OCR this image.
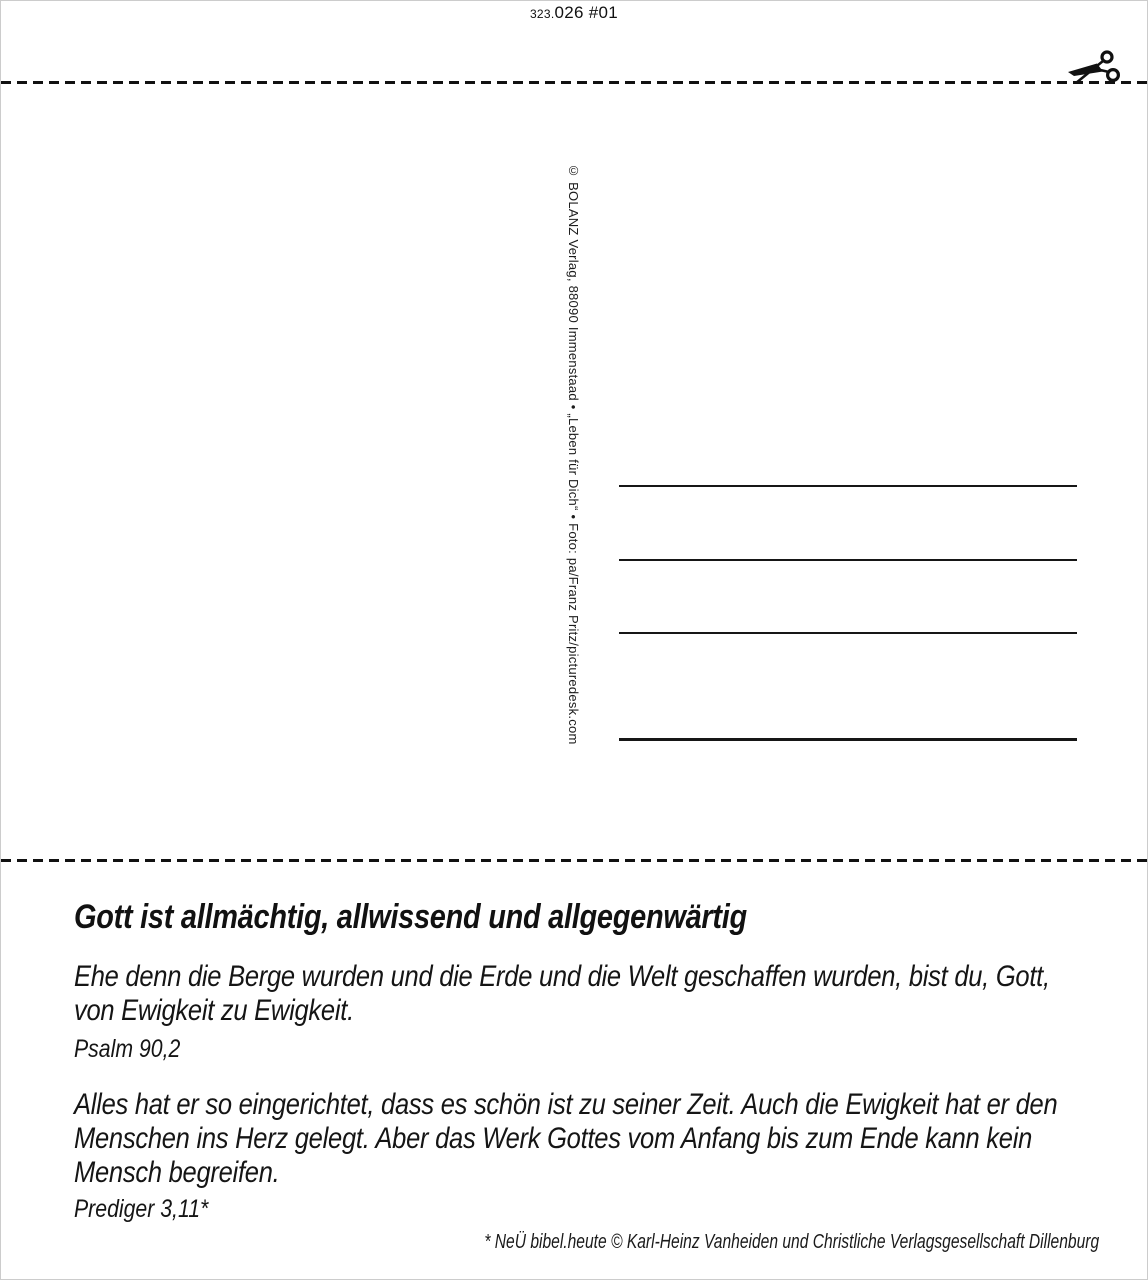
323.026 #01
© BOLANZ Verlag, 88090 Immenstaad • „Leben für Dich“ • Foto: pa/Franz Pritz/picturedesk.com
Gott ist allmächtig, allwissend und allgegenwärtig
Ehe denn die Berge wurden und die Erde und die Welt geschaffen wurden, bist du, Gott,
von Ewigkeit zu Ewigkeit.
Psalm 90,2
Alles hat er so eingerichtet, dass es schön ist zu seiner Zeit. Auch die Ewigkeit hat er den
Menschen ins Herz gelegt. Aber das Werk Gottes vom Anfang bis zum Ende kann kein
Mensch begreifen.
Prediger 3,11*
* NeÜ bibel.heute © Karl-Heinz Vanheiden und Christliche Verlagsgesellschaft Dillenburg
